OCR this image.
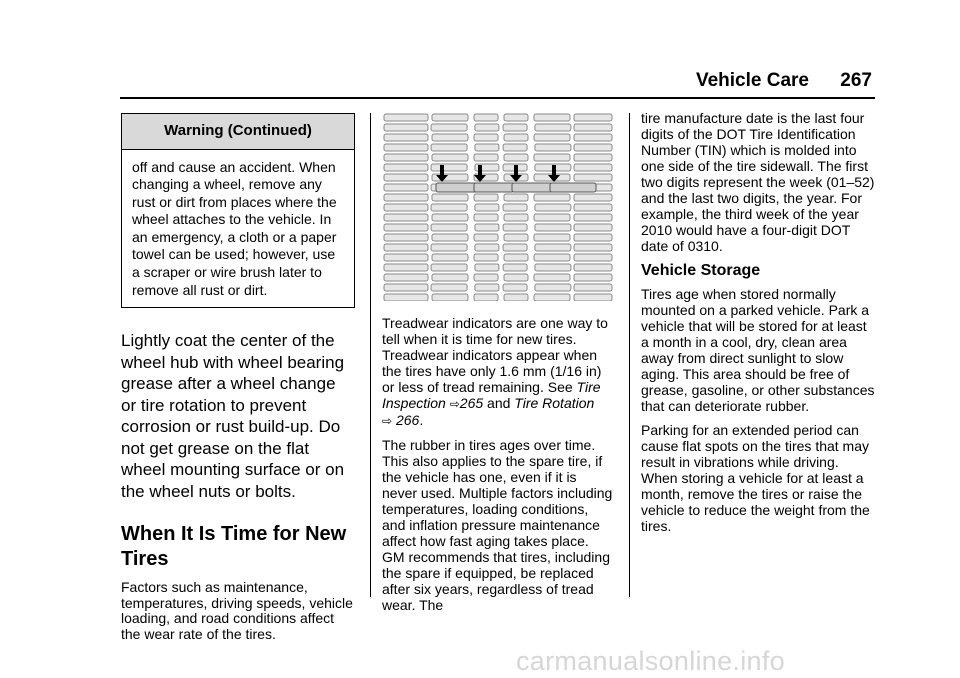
Vehicle Care 267
Warning (Continued)
off and cause an accident. When changing a wheel, remove any rust or dirt from places where the wheel attaches to the vehicle. In an emergency, a cloth or a paper towel can be used; however, use a scraper or wire brush later to remove all rust or dirt.
Lightly coat the center of the wheel hub with wheel bearing grease after a wheel change or tire rotation to prevent corrosion or rust build-up. Do not get grease on the flat wheel mounting surface or on the wheel nuts or bolts.
When It Is Time for New Tires
Factors such as maintenance, temperatures, driving speeds, vehicle loading, and road conditions affect the wear rate of the tires.
Treadwear indicators are one way to tell when it is time for new tires. Treadwear indicators appear when the tires have only 1.6 mm (1/16 in) or less of tread remaining. See Tire Inspection ⇨265 and Tire Rotation
⇨ 266.
The rubber in tires ages over time. This also applies to the spare tire, if the vehicle has one, even if it is never used. Multiple factors including temperatures, loading conditions, and inflation pressure maintenance affect how fast aging takes place. GM recommends that tires, including the spare if equipped, be replaced after six years, regardless of tread wear. The
tire manufacture date is the last four digits of the DOT Tire Identification Number (TIN) which is molded into one side of the tire sidewall. The first two digits represent the week (01–52) and the last two digits, the year. For example, the third week of the year 2010 would have a four-digit DOT date of 0310.
Vehicle Storage
Tires age when stored normally mounted on a parked vehicle. Park a vehicle that will be stored for at least a month in a cool, dry, clean area away from direct sunlight to slow aging. This area should be free of grease, gasoline, or other substances that can deteriorate rubber.
Parking for an extended period can cause flat spots on the tires that may result in vibrations while driving. When storing a vehicle for at least a month, remove the tires or raise the vehicle to reduce the weight from the tires.
carmanualsonline.info
